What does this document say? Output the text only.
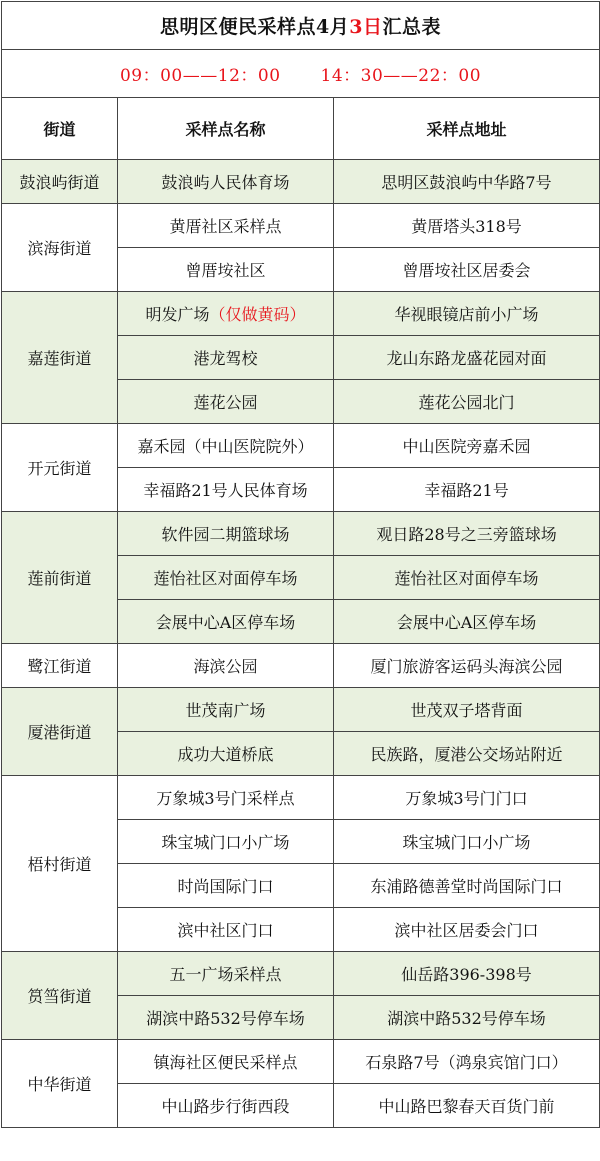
思明区便民采样点4月3日汇总表		
09：00——12：00 14：30——22：00		
街道	采样点名称	采样点地址
鼓浪屿街道	鼓浪屿人民体育场	思明区鼓浪屿中华路7号
滨海街道	黄厝社区采样点	黄厝塔头318号
	曾厝垵社区	曾厝垵社区居委会
嘉莲街道	明发广场（仅做黄码）	华视眼镜店前小广场
	港龙驾校	龙山东路龙盛花园对面
	莲花公园	莲花公园北门
开元街道	嘉禾园（中山医院院外）	中山医院旁嘉禾园
	幸福路21号人民体育场	幸福路21号
莲前街道	软件园二期篮球场	观日路28号之三旁篮球场
	莲怡社区对面停车场	莲怡社区对面停车场
	会展中心A区停车场	会展中心A区停车场
鹭江街道	海滨公园	厦门旅游客运码头海滨公园
厦港街道	世茂南广场	世茂双子塔背面
	成功大道桥底	民族路，厦港公交场站附近
梧村街道	万象城3号门采样点	万象城3号门门口
	珠宝城门口小广场	珠宝城门口小广场
	时尚国际门口	东浦路德善堂时尚国际门口
	滨中社区门口	滨中社区居委会门口
筼筜街道	五一广场采样点	仙岳路396-398号
	湖滨中路532号停车场	湖滨中路532号停车场
中华街道	镇海社区便民采样点	石泉路7号（鸿泉宾馆门口）
	中山路步行街西段	中山路巴黎春天百货门前
